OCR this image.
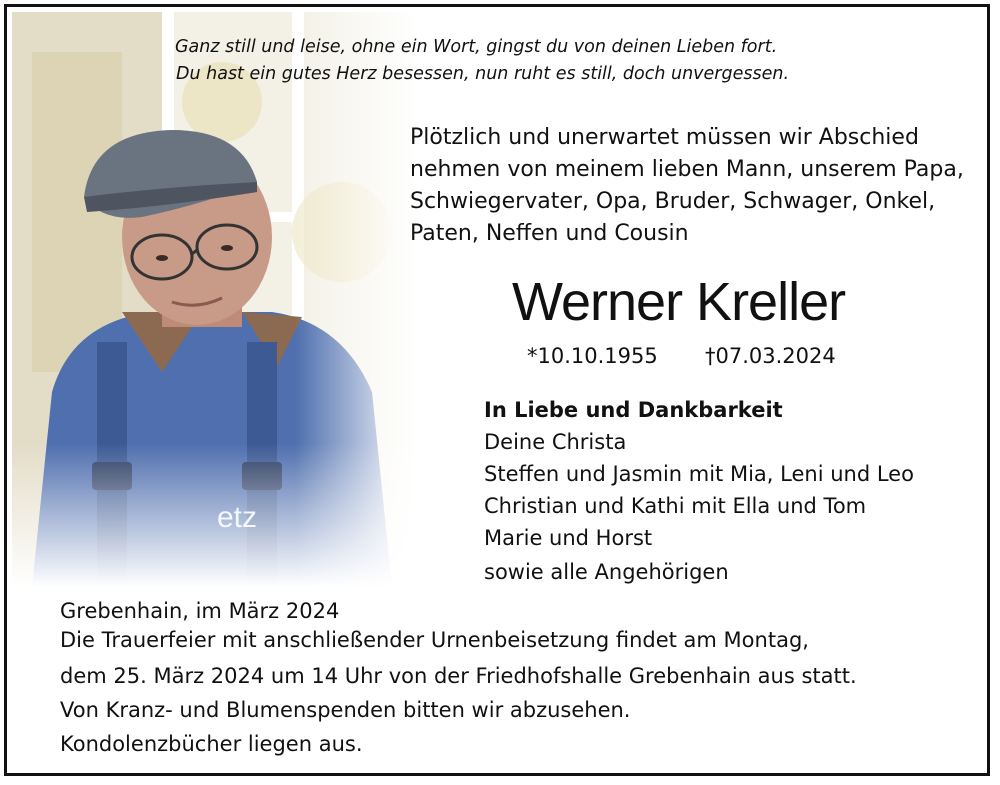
Ganz still und leise, ohne ein Wort, gingst du von deinen Lieben fort.
Du hast ein gutes Herz besessen, nun ruht es still, doch unvergessen.
Plötzlich und unerwartet müssen wir Abschied
nehmen von meinem lieben Mann, unserem Papa,
Schwiegervater, Opa, Bruder, Schwager, Onkel,
Paten, Neffen und Cousin
Werner Kreller
*10.10.1955 †07.03.2024
In Liebe und Dankbarkeit
Deine Christa
Steffen und Jasmin mit Mia, Leni und Leo
Christian und Kathi mit Ella und Tom
Marie und Horst
sowie alle Angehörigen
Grebenhain, im März 2024
Die Trauerfeier mit anschließender Urnenbeisetzung findet am Montag,
dem 25. März 2024 um 14 Uhr von der Friedhofshalle Grebenhain aus statt.
Von Kranz- und Blumenspenden bitten wir abzusehen.
Kondolenzbücher liegen aus.
